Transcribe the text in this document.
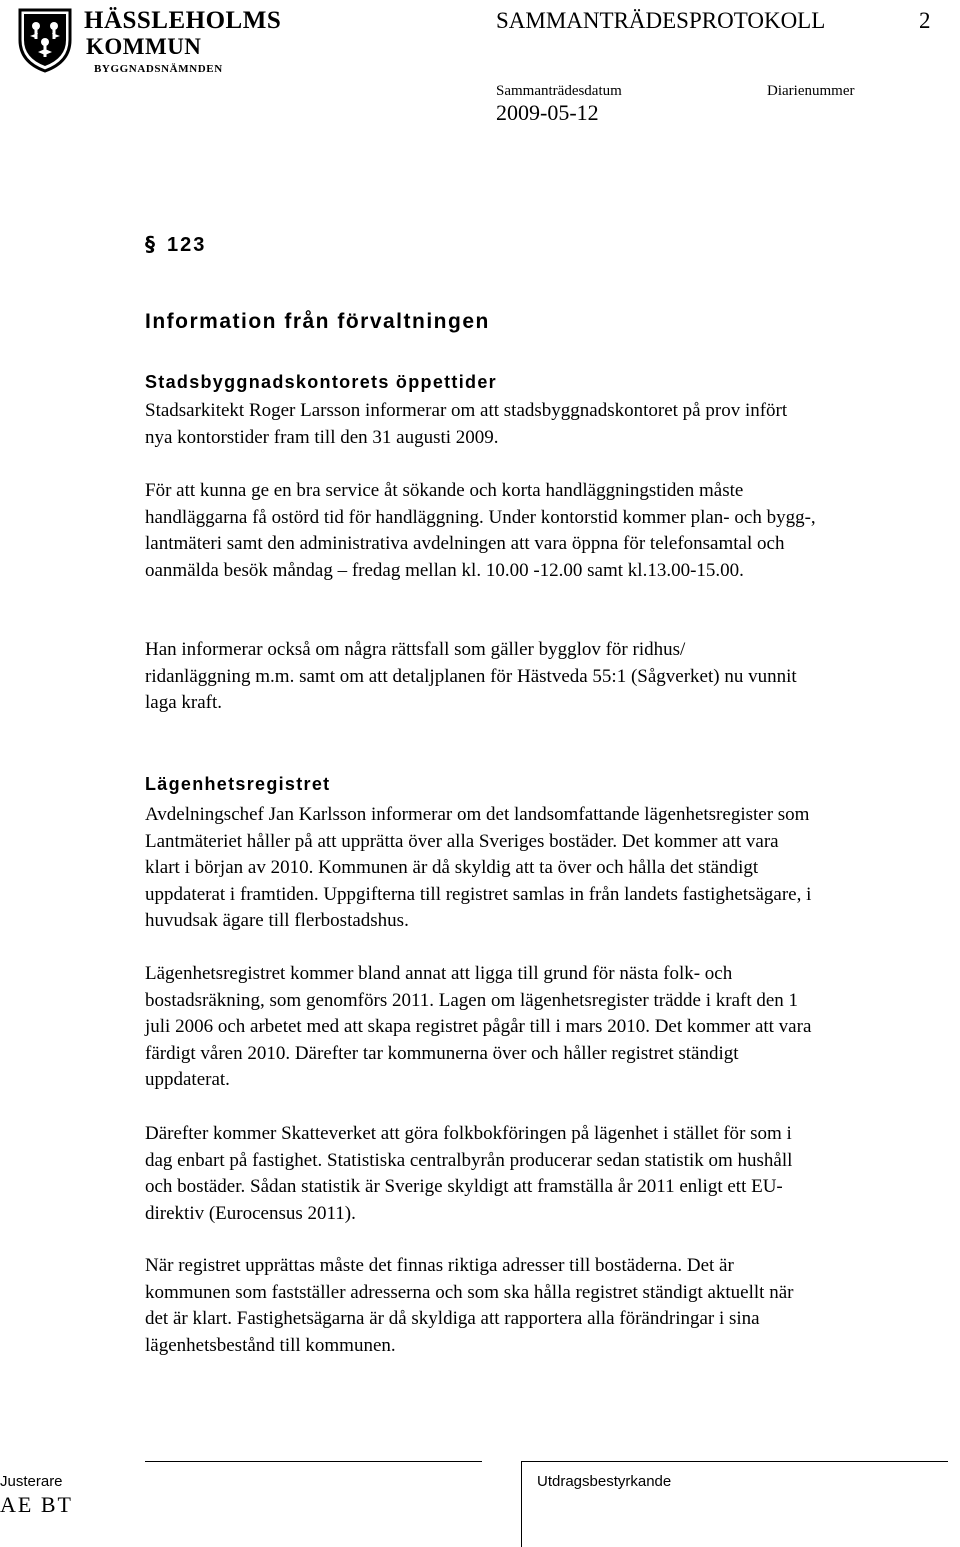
HÄSSLEHOLMS
KOMMUN
BYGGNADSNÄMNDEN
SAMMANTRÄDESPROTOKOLL	2
Sammanträdesdatum	Diarienummer
2009-05-12
§ 123
Information från förvaltningen
Stadsbyggnadskontorets öppettider
Stadsarkitekt Roger Larsson informerar om att stadsbyggnadskontoret på prov infört
nya kontorstider fram till den 31 augusti 2009.
För att kunna ge en bra service åt sökande och korta handläggningstiden måste
handläggarna få ostörd tid för handläggning. Under kontorstid kommer plan- och bygg-,
lantmäteri samt den administrativa avdelningen att vara öppna för telefonsamtal och
oanmälda besök måndag – fredag mellan kl. 10.00 -12.00 samt kl.13.00-15.00.
Han informerar också om några rättsfall som gäller bygglov för ridhus/
ridanläggning m.m. samt om att detaljplanen för Hästveda 55:1 (Sågverket) nu vunnit
laga kraft.
Lägenhetsregistret
Avdelningschef Jan Karlsson informerar om det landsomfattande lägenhetsregister som
Lantmäteriet håller på att upprätta över alla Sveriges bostäder. Det kommer att vara
klart i början av 2010. Kommunen är då skyldig att ta över och hålla det ständigt
uppdaterat i framtiden. Uppgifterna till registret samlas in från landets fastighetsägare, i
huvudsak ägare till flerbostadshus.
Lägenhetsregistret kommer bland annat att ligga till grund för nästa folk- och
bostadsräkning, som genomförs 2011. Lagen om lägenhetsregister trädde i kraft den 1
juli 2006 och arbetet med att skapa registret pågår till i mars 2010. Det kommer att vara
färdigt våren 2010. Därefter tar kommunerna över och håller registret ständigt
uppdaterat.
Därefter kommer Skatteverket att göra folkbokföringen på lägenhet i stället för som i
dag enbart på fastighet. Statistiska centralbyrån producerar sedan statistik om hushåll
och bostäder. Sådan statistik är Sverige skyldigt att framställa år 2011 enligt ett EU-
direktiv (Eurocensus 2011).
När registret upprättas måste det finnas riktiga adresser till bostäderna. Det är
kommunen som fastställer adresserna och som ska hålla registret ständigt aktuellt när
det är klart. Fastighetsägarna är då skyldiga att rapportera alla förändringar i sina
lägenhetsbestånd till kommunen.
Justerare
AE BT
Utdragsbestyrkande
